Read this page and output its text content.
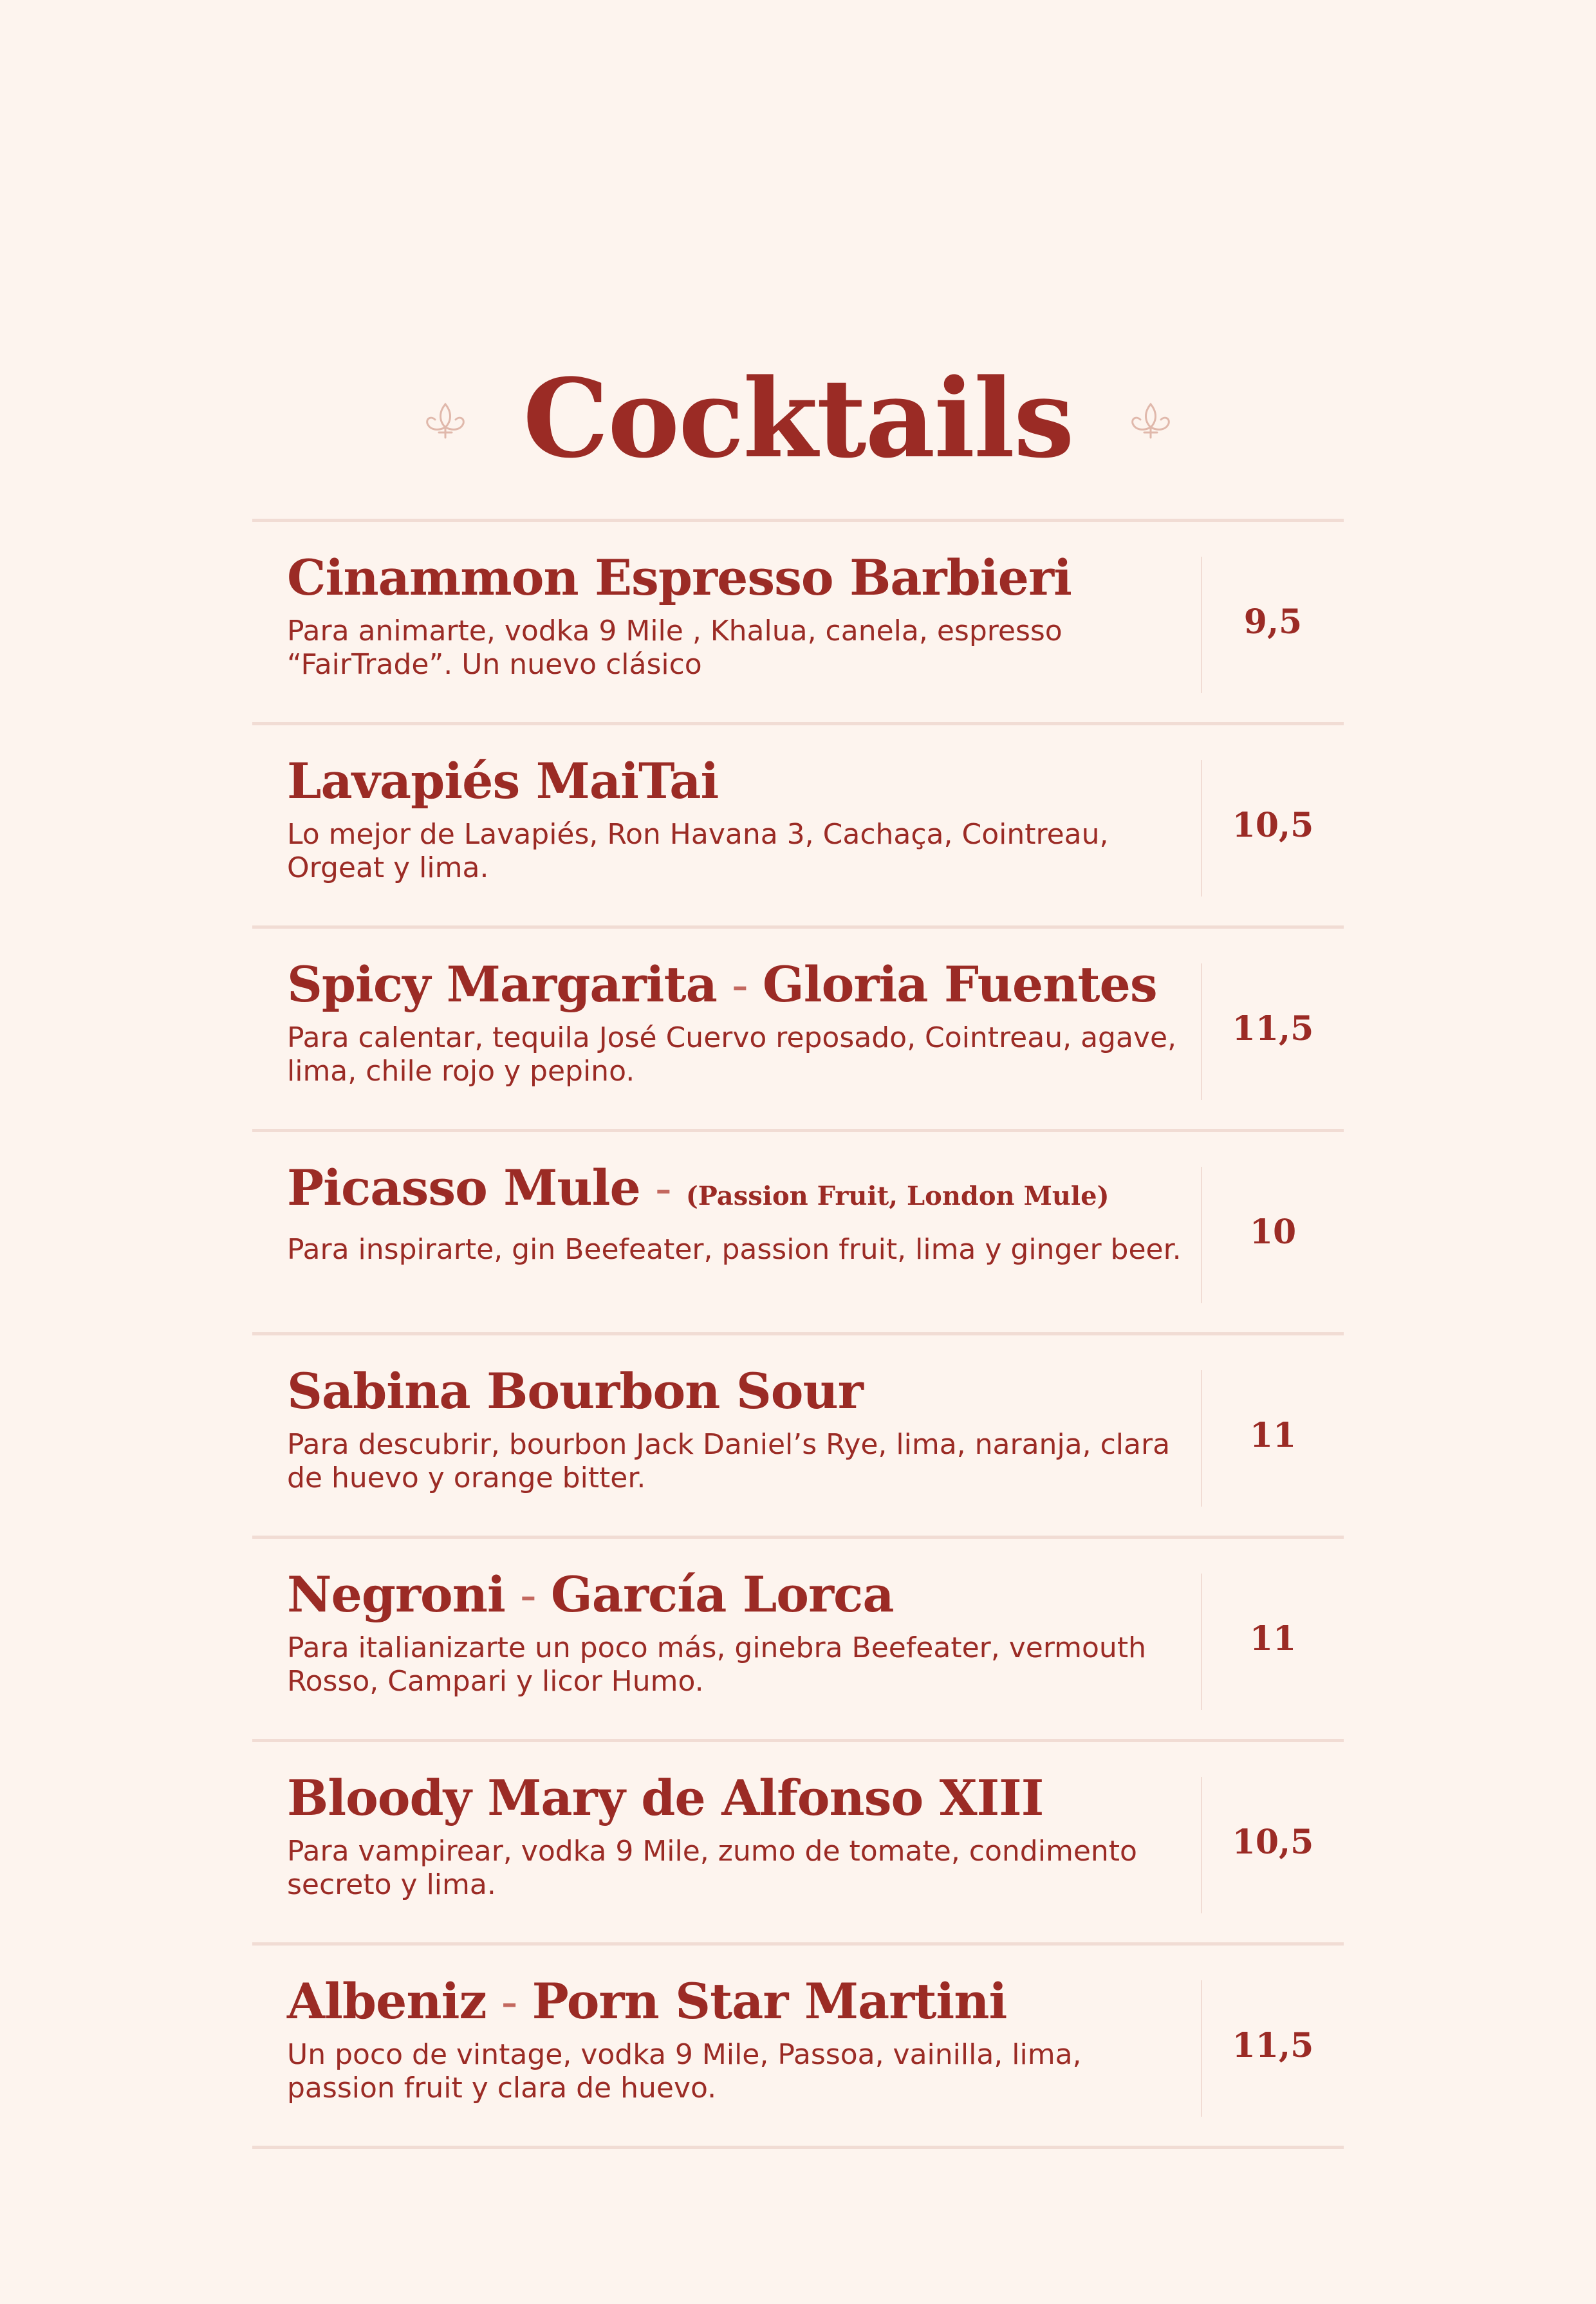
Cocktails
Cinammon Espresso Barbieri
Para animarte, vodka 9 Mile , Khalua, canela, espresso “FairTrade”. Un nuevo clásico
9,5
Lavapiés MaiTai
Lo mejor de Lavapiés, Ron Havana 3, Cachaça, Cointreau, Orgeat y lima.
10,5
Spicy Margarita - Gloria Fuentes
Para calentar, tequila José Cuervo reposado, Cointreau, agave, lima, chile rojo y pepino.
11,5
Picasso Mule - (Passion Fruit, London Mule)
Para inspirarte, gin Beefeater, passion fruit, lima y ginger beer.	10
Sabina Bourbon Sour
Para descubrir, bourbon Jack Daniel’s Rye, lima, naranja, clara de huevo y orange bitter.
11
Negroni - García Lorca
Para italianizarte un poco más, ginebra Beefeater, vermouth Rosso, Campari y licor Humo.
11
Bloody Mary de Alfonso XIII
Para vampirear, vodka 9 Mile, zumo de tomate, condimento secreto y lima.
10,5
Albeniz - Porn Star Martini
Un poco de vintage, vodka 9 Mile, Passoa, vainilla, lima, passion fruit y clara de huevo.
11,5
